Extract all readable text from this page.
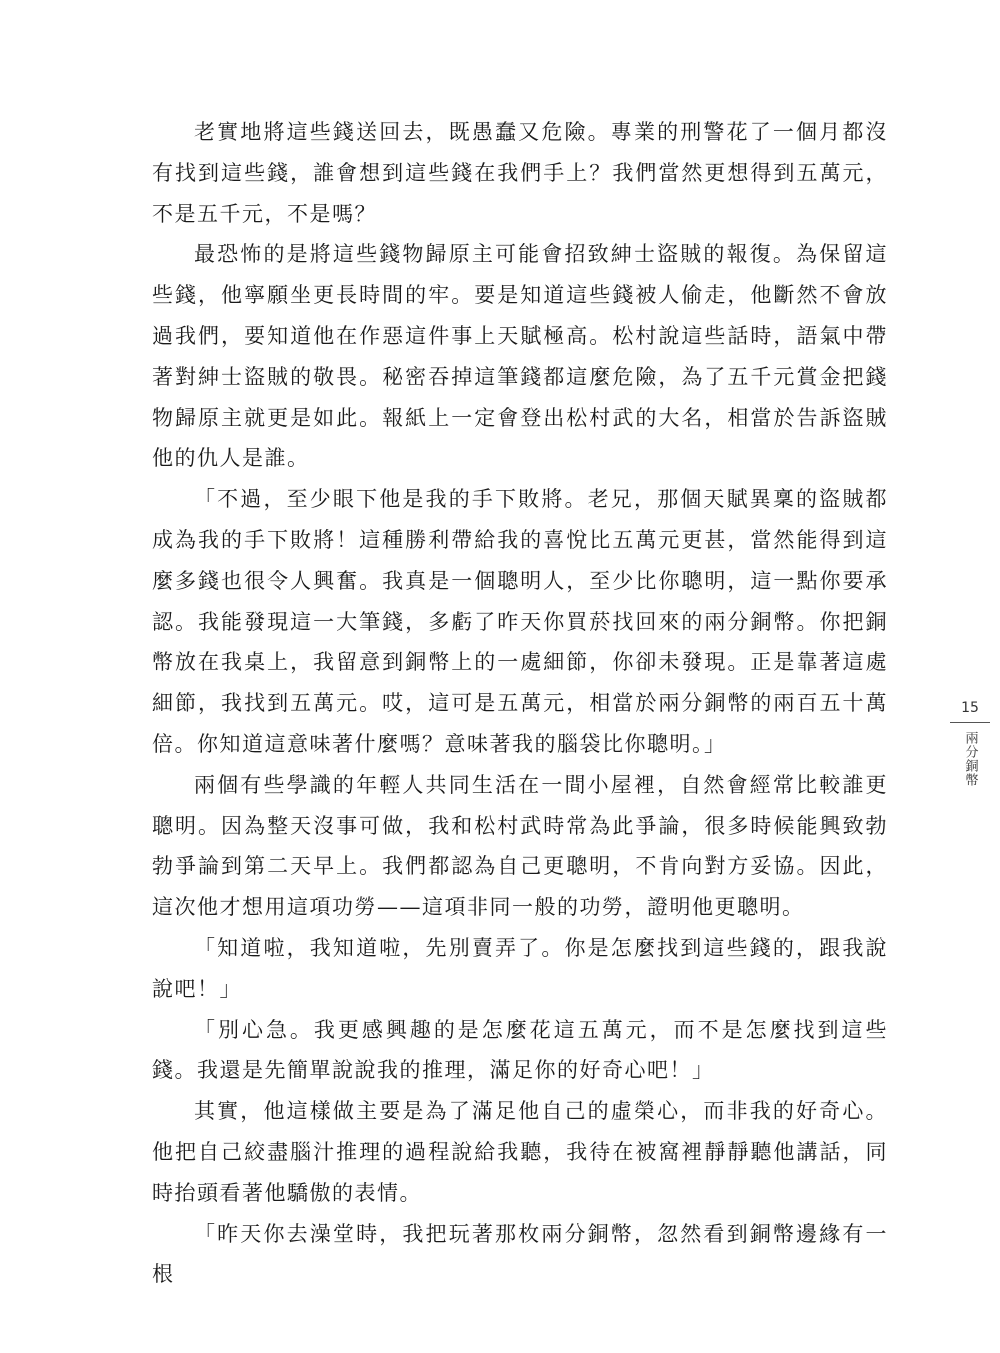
老實地將這些錢送回去，既愚蠢又危險。專業的刑警花了一個月都沒有找到這些錢，誰會想到這些錢在我們手上？我們當然更想得到五萬元，不是五千元，不是嗎？

最恐怖的是將這些錢物歸原主可能會招致紳士盜賊的報復。為保留這些錢，他寧願坐更長時間的牢。要是知道這些錢被人偷走，他斷然不會放過我們，要知道他在作惡這件事上天賦極高。松村說這些話時，語氣中帶著對紳士盜賊的敬畏。秘密吞掉這筆錢都這麼危險，為了五千元賞金把錢物歸原主就更是如此。報紙上一定會登出松村武的大名，相當於告訴盜賊他的仇人是誰。

「不過，至少眼下他是我的手下敗將。老兄，那個天賦異稟的盜賊都成為我的手下敗將！這種勝利帶給我的喜悅比五萬元更甚，當然能得到這麼多錢也很令人興奮。我真是一個聰明人，至少比你聰明，這一點你要承認。我能發現這一大筆錢，多虧了昨天你買菸找回來的兩分銅幣。你把銅幣放在我桌上，我留意到銅幣上的一處細節，你卻未發現。正是靠著這處細節，我找到五萬元。哎，這可是五萬元，相當於兩分銅幣的兩百五十萬倍。你知道這意味著什麼嗎？意味著我的腦袋比你聰明。」

兩個有些學識的年輕人共同生活在一間小屋裡，自然會經常比較誰更聰明。因為整天沒事可做，我和松村武時常為此爭論，很多時候能興致勃勃爭論到第二天早上。我們都認為自己更聰明，不肯向對方妥協。因此，這次他才想用這項功勞——這項非同一般的功勞，證明他更聰明。

「知道啦，我知道啦，先別賣弄了。你是怎麼找到這些錢的，跟我說說吧！」

「別心急。我更感興趣的是怎麼花這五萬元，而不是怎麼找到這些錢。我還是先簡單說說我的推理，滿足你的好奇心吧！」

其實，他這樣做主要是為了滿足他自己的虛榮心，而非我的好奇心。他把自己絞盡腦汁推理的過程說給我聽，我待在被窩裡靜靜聽他講話，同時抬頭看著他驕傲的表情。

「昨天你去澡堂時，我把玩著那枚兩分銅幣，忽然看到銅幣邊緣有一根

15
兩分銅幣
